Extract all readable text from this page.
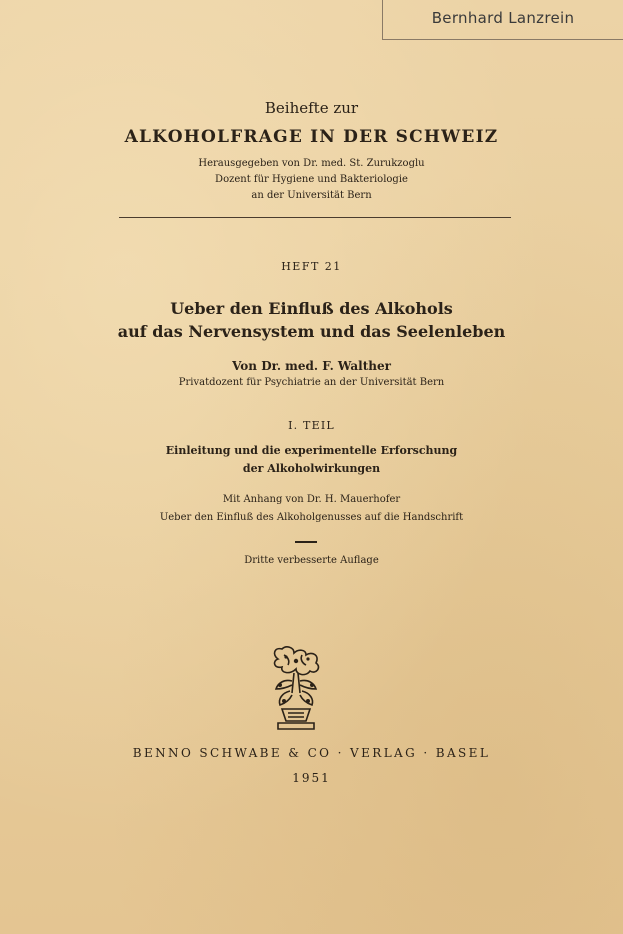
Bernhard Lanzrein
Beihefte zur
ALKOHOLFRAGE IN DER SCHWEIZ
Herausgegeben von Dr. med. St. Zurukzoglu
Dozent für Hygiene und Bakteriologie
an der Universität Bern
HEFT 21
Ueber den Einfluß des Alkohols
auf das Nervensystem und das Seelenleben
Von Dr. med. F. Walther
Privatdozent für Psychiatrie an der Universität Bern
I. TEIL
Einleitung und die experimentelle Erforschung
der Alkoholwirkungen
Mit Anhang von Dr. H. Mauerhofer
Ueber den Einfluß des Alkoholgenusses auf die Handschrift
Dritte verbesserte Auflage
BENNO SCHWABE & CO · VERLAG · BASEL
1951
